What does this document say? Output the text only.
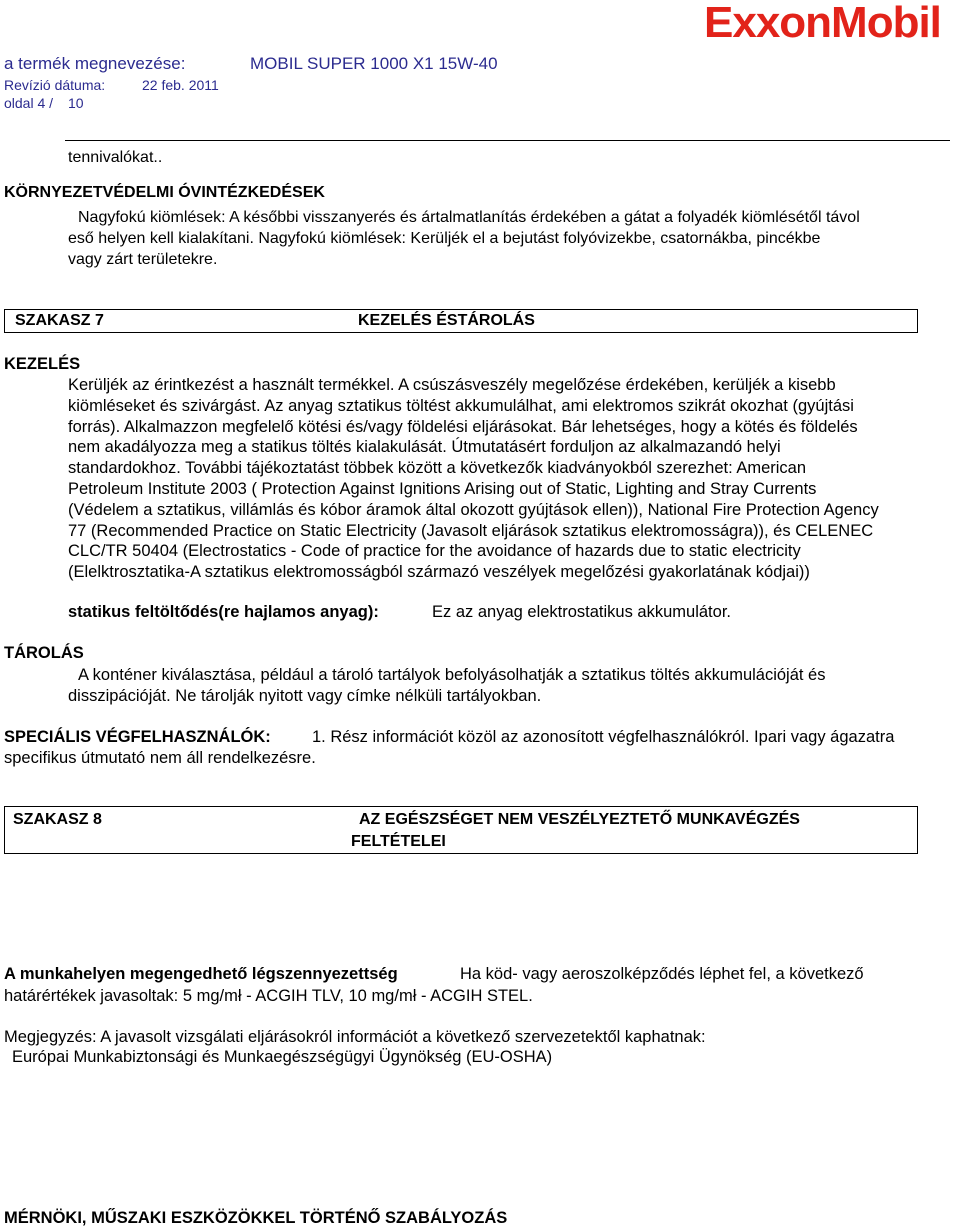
a termék megnevezése:	MOBIL SUPER 1000 X1 15W-40
Revízió dátuma:	22 feb. 2011
oldal 4 / 10
ExxonMobil
tennivalókat..
KÖRNYEZETVÉDELMI ÓVINTÉZKEDÉSEK
Nagyfokú kiömlések: A későbbi visszanyerés és ártalmatlanítás érdekében a gátat a folyadék kiömlésétől távol
eső helyen kell kialakítani. Nagyfokú kiömlések: Kerüljék el a bejutást folyóvizekbe, csatornákba, pincékbe
vagy zárt területekre.
SZAKASZ 7	KEZELÉS ÉSTÁROLÁS
KEZELÉS
Kerüljék az érintkezést a használt termékkel. A csúszásveszély megelőzése érdekében, kerüljék a kisebb
kiömléseket és szivárgást. Az anyag sztatikus töltést akkumulálhat, ami elektromos szikrát okozhat (gyújtási
forrás). Alkalmazzon megfelelő kötési és/vagy földelési eljárásokat. Bár lehetséges, hogy a kötés és földelés
nem akadályozza meg a statikus töltés kialakulását. Útmutatásért forduljon az alkalmazandó helyi
standardokhoz. További tájékoztatást többek között a következők kiadványokból szerezhet: American
Petroleum Institute 2003 ( Protection Against Ignitions Arising out of Static, Lighting and Stray Currents
(Védelem a sztatikus, villámlás és kóbor áramok által okozott gyújtások ellen)), National Fire Protection Agency
77 (Recommended Practice on Static Electricity (Javasolt eljárások sztatikus elektromosságra)), és CELENEC
CLC/TR 50404 (Electrostatics - Code of practice for the avoidance of hazards due to static electricity
(Elelktrosztatika-A sztatikus elektromosságból származó veszélyek megelőzési gyakorlatának kódjai))
statikus feltöltődés(re hajlamos anyag):	Ez az anyag elektrostatikus akkumulátor.
TÁROLÁS
A konténer kiválasztása, például a tároló tartályok befolyásolhatják a sztatikus töltés akkumulációját és
disszipációját. Ne tárolják nyitott vagy címke nélküli tartályokban.
SPECIÁLIS VÉGFELHASZNÁLÓK: 1. Rész információt közöl az azonosított végfelhasználókról. Ipari vagy ágazatra
specifikus útmutató nem áll rendelkezésre.
SZAKASZ 8	AZ EGÉSZSÉGET NEM VESZÉLYEZTETŐ MUNKAVÉGZÉS
FELTÉTELEI
A munkahelyen megengedhető légszennyezettség	Ha köd- vagy aeroszolképződés léphet fel, a következő
határértékek javasoltak: 5 mg/mł - ACGIH TLV, 10 mg/mł - ACGIH STEL.
Megjegyzés: A javasolt vizsgálati eljárásokról információt a következő szervezetektől kaphatnak:
Európai Munkabiztonsági és Munkaegészségügyi Ügynökség (EU-OSHA)
MÉRNÖKI, MŰSZAKI ESZKÖZÖKKEL TÖRTÉNŐ SZABÁLYOZÁS
